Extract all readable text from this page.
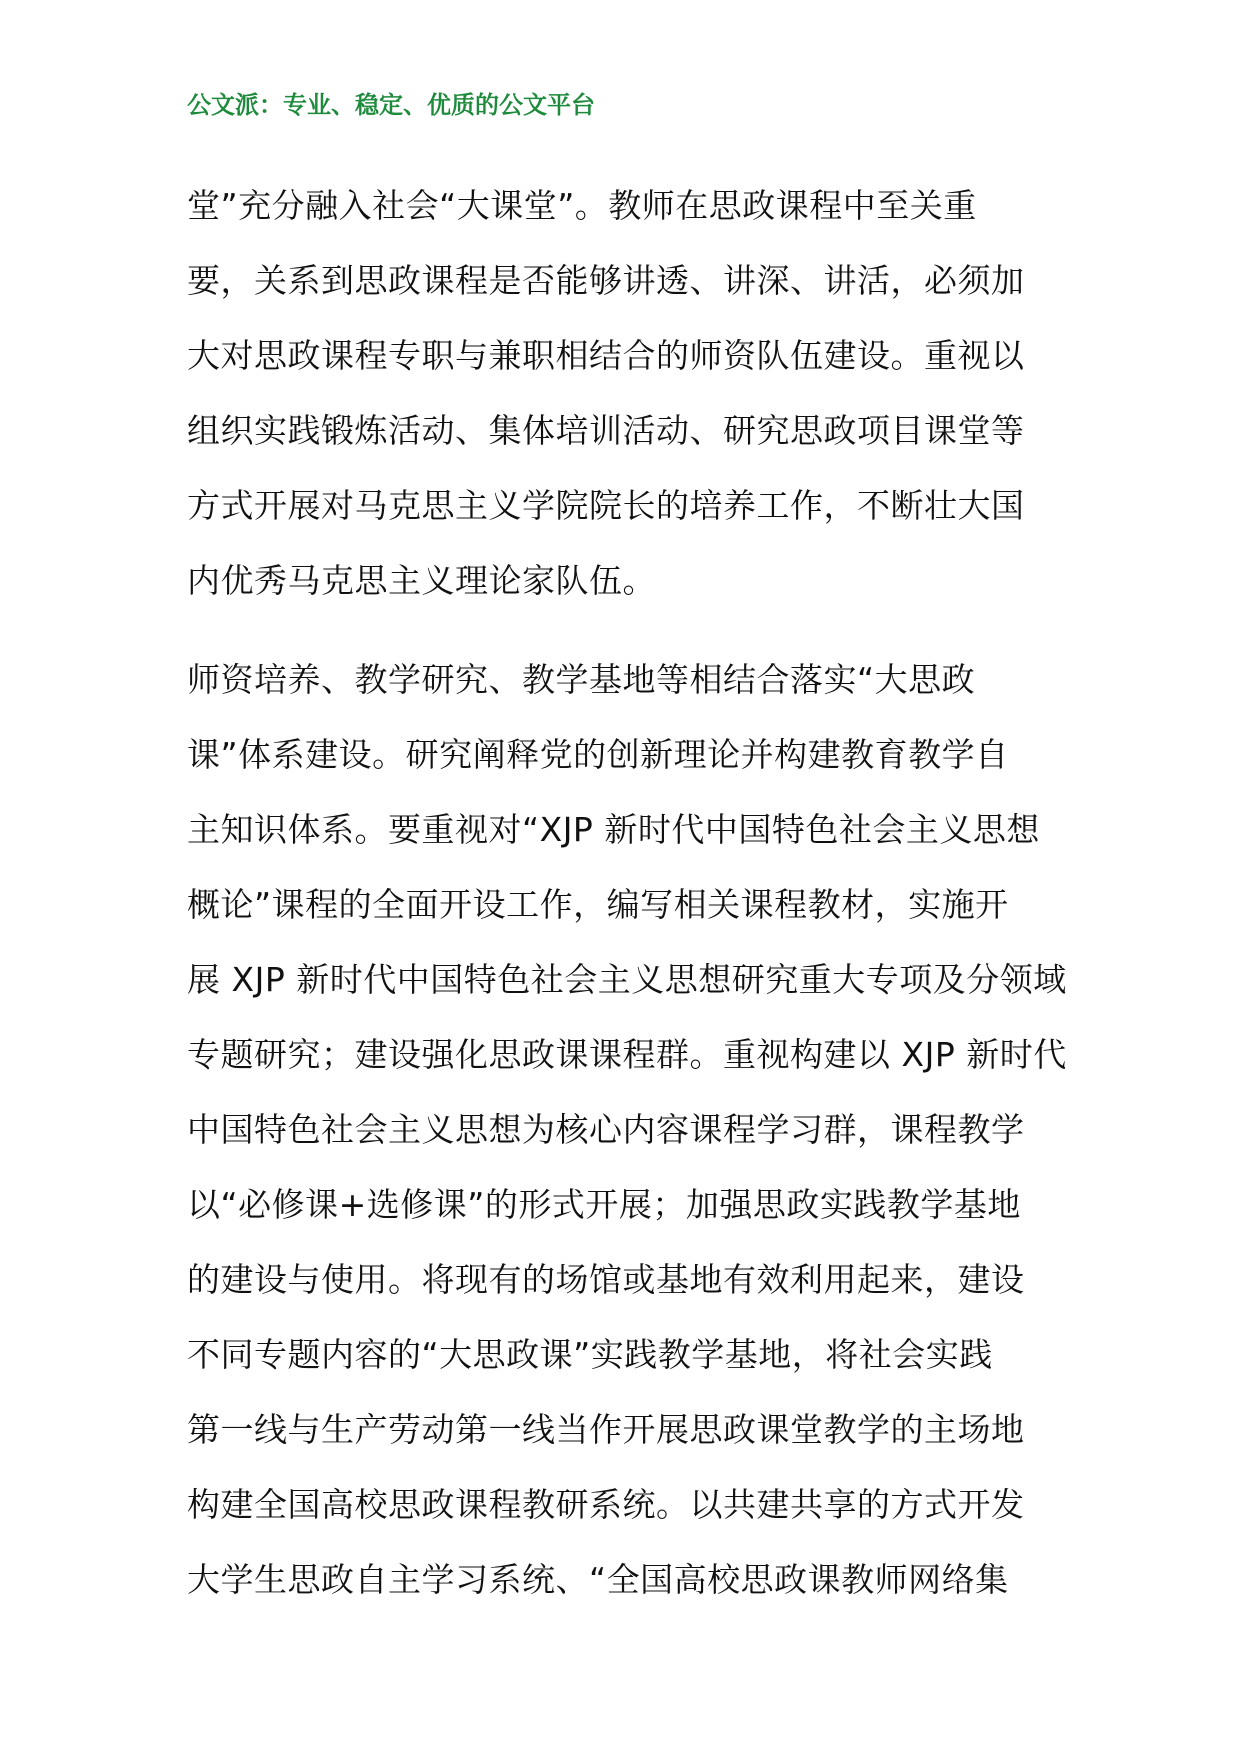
公文派：专业、稳定、优质的公文平台
堂”充分融入社会“大课堂”。教师在思政课程中至关重
要，关系到思政课程是否能够讲透、讲深、讲活，必须加
大对思政课程专职与兼职相结合的师资队伍建设。重视以
组织实践锻炼活动、集体培训活动、研究思政项目课堂等
方式开展对马克思主义学院院长的培养工作，不断壮大国
内优秀马克思主义理论家队伍。
师资培养、教学研究、教学基地等相结合落实“大思政
课”体系建设。研究阐释党的创新理论并构建教育教学自
主知识体系。要重视对“XJP 新时代中国特色社会主义思想
概论”课程的全面开设工作，编写相关课程教材，实施开
展 XJP 新时代中国特色社会主义思想研究重大专项及分领域
专题研究；建设强化思政课课程群。重视构建以 XJP 新时代
中国特色社会主义思想为核心内容课程学习群，课程教学
以“必修课+选修课”的形式开展；加强思政实践教学基地
的建设与使用。将现有的场馆或基地有效利用起来，建设
不同专题内容的“大思政课”实践教学基地，将社会实践
第一线与生产劳动第一线当作开展思政课堂教学的主场地
构建全国高校思政课程教研系统。以共建共享的方式开发
大学生思政自主学习系统、“全国高校思政课教师网络集
